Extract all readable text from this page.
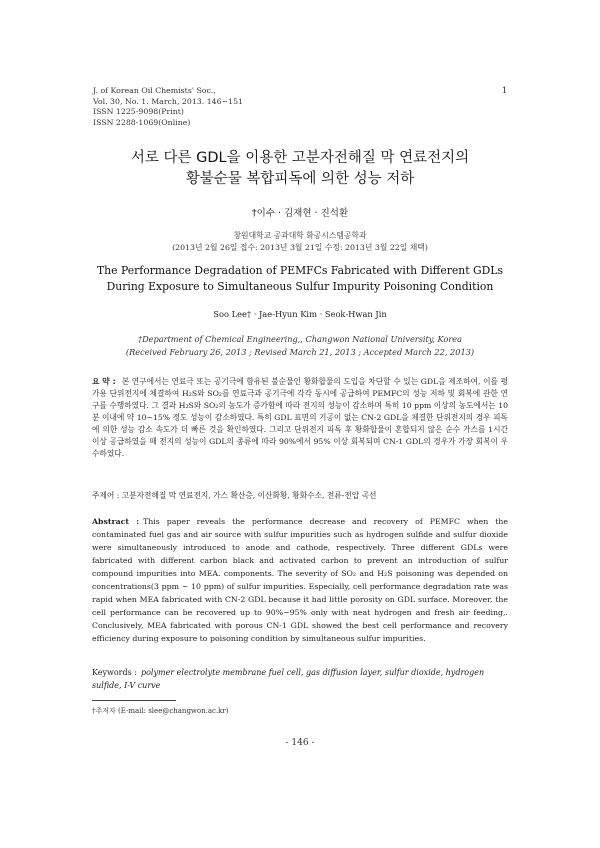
J. of Korean Oil Chemists' Soc.,
Vol. 30, No. 1. March, 2013. 146~151
ISSN 1225-9098(Print)
ISSN 2288-1069(Online)
1
서로 다른 GDL을 이용한 고분자전해질 막 연료전지의
황불순물 복합피독에 의한 성능 저하
†이수 · 김재현 · 진석환
창원대학교 공과대학 화공시스템공학과
(2013년 2월 26일 접수: 2013년 3월 21일 수정: 2013년 3월 22일 채택)
The Performance Degradation of PEMFCs Fabricated with Different GDLs
During Exposure to Simultaneous Sulfur Impurity Poisoning Condition
Soo Lee† · Jae-Hyun Kim · Seok-Hwan Jin
†Department of Chemical Engineering,, Changwon National University, Korea
(Received February 26, 2013 ; Revised March 21, 2013 ; Accepted March 22, 2013)
요 약 : 본 연구에서는 연료극 또는 공기극에 함유된 불순물인 황화합물의 도입을 차단할 수 있는 GDL을 제조하여, 이를 평가용 단위전지에 체결하여 H₂S와 SO₂를 연료극과 공기극에 각각 동시에 공급하여 PEMFC의 성능 저하 및 회복에 관한 연구를 수행하였다. 그 결과 H₂S와 SO₂의 농도가 증가함에 따라 전지의 성능이 감소하며 특히 10 ppm 이상의 농도에서는 10분 이내에 약 10~15% 정도 성능이 감소하였다. 특히 GDL 표면의 기공이 없는 CN-2 GDL을 체결한 단위전지의 경우 피독에 의한 성능 감소 속도가 더 빠른 것을 확인하였다. 그리고 단위전지 피독 후 황화합물이 혼합되지 않은 순수 가스를 1시간 이상 공급하였을 때 전지의 성능이 GDL의 종류에 따라 90%에서 95% 이상 회복되며 CN-1 GDL의 경우가 가장 회복이 우수하였다.
주제어 : 고분자전해질 막 연료전지, 가스 확산층, 이산화황, 황화수소, 전류-전압 곡선
Abstract : This paper reveals the performance decrease and recovery of PEMFC when the contaminated fuel gas and air source with sulfur impurities such as hydrogen sulfide and sulfur dioxide were simultaneously introduced to anode and cathode, respectively. Three different GDLs were fabricated with different carbon black and activated carbon to prevent an introduction of sulfur compound impurities into MEA. components. The severity of SO₂ and H₂S poisoning was depended on concentrations(3 ppm ~ 10 ppm) of sulfur impurities. Especially, cell performance degradation rate was rapid when MEA fabricated with CN-2 GDL because it had little porosity on GDL surface. Moreover, the cell performance can be recovered up to 90%~95% only with neat hydrogen and fresh air feeding,. Conclusively, MEA fabricated with porous CN-1 GDL showed the best cell performance and recovery efficiency during exposure to poisoning condition by simultaneous sulfur impurities.
Keywords : polymer electrolyte membrane fuel cell, gas diffusion layer, sulfur dioxide, hydrogen sulfide, I-V curve
†주저자 (E-mail: slee@changwon.ac.kr)
- 146 -
